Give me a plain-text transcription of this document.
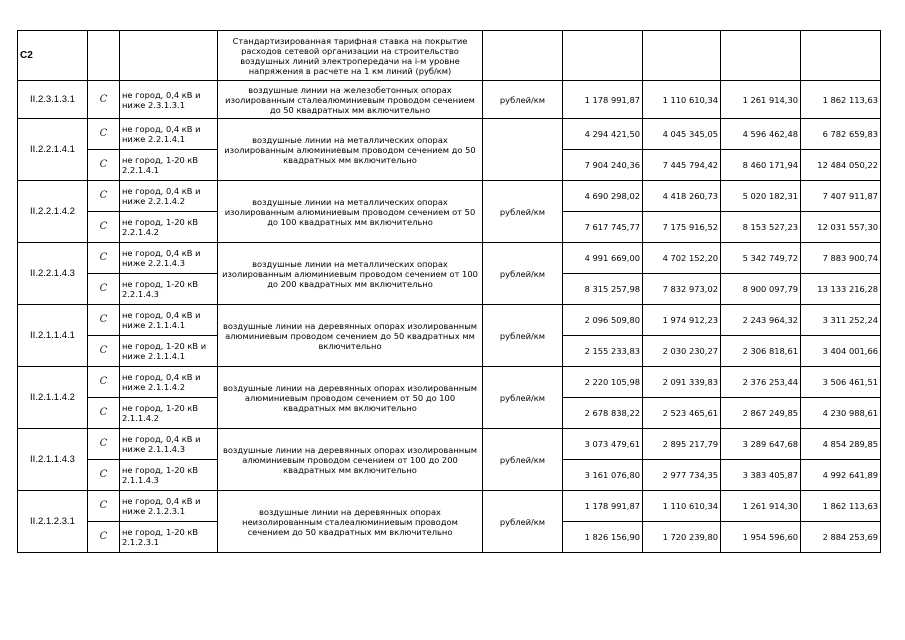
С2			Стандартизированная тарифная ставка на покрытие расходов сетевой организации на строительство воздушных линий электропередачи на i-м уровне напряжения в расчете на 1 км линий (руб/км)					
II.2.3.1.3.1	С	не город, 0,4 кВ и ниже 2.3.1.3.1	воздушные линии на железобетонных опорах изолированным сталеалюминиевым проводом сечением до 50 квадратных мм включительно	рублей/км	1 178 991,87	1 110 610,34	1 261 914,30	1 862 113,63
II.2.2.1.4.1	С	не город, 0,4 кВ и ниже 2.2.1.4.1	воздушные линии на металлических опорах изолированным алюминиевым проводом сечением до 50 квадратных мм включительно		4 294 421,50	4 045 345,05	4 596 462,48	6 782 659,83
	С	не город, 1-20 кВ 2.2.1.4.1			7 904 240,36	7 445 794,42	8 460 171,94	12 484 050,22
II.2.2.1.4.2	С	не город, 0,4 кВ и ниже 2.2.1.4.2	воздушные линии на металлических опорах изолированным алюминиевым проводом сечением от 50 до 100 квадратных мм включительно	рублей/км	4 690 298,02	4 418 260,73	5 020 182,31	7 407 911,87
	С	не город, 1-20 кВ 2.2.1.4.2			7 617 745,77	7 175 916,52	8 153 527,23	12 031 557,30
II.2.2.1.4.3	С	не город, 0,4 кВ и ниже 2.2.1.4.3	воздушные линии на металлических опорах изолированным алюминиевым проводом сечением от 100 до 200 квадратных мм включительно	рублей/км	4 991 669,00	4 702 152,20	5 342 749,72	7 883 900,74
	С	не город, 1-20 кВ 2.2.1.4.3			8 315 257,98	7 832 973,02	8 900 097,79	13 133 216,28
II.2.1.1.4.1	С	не город, 0,4 кВ и ниже 2.1.1.4.1	воздушные линии на деревянных опорах изолированным алюминиевым проводом сечением до 50 квадратных мм включительно	рублей/км	2 096 509,80	1 974 912,23	2 243 964,32	3 311 252,24
	С	не город, 1-20 кВ и ниже 2.1.1.4.1			2 155 233,83	2 030 230,27	2 306 818,61	3 404 001,66
II.2.1.1.4.2	С	не город, 0,4 кВ и ниже 2.1.1.4.2	воздушные линии на деревянных опорах изолированным алюминиевым проводом сечением от 50 до 100 квадратных мм включительно	рублей/км	2 220 105,98	2 091 339,83	2 376 253,44	3 506 461,51
	С	не город, 1-20 кВ 2.1.1.4.2			2 678 838,22	2 523 465,61	2 867 249,85	4 230 988,61
II.2.1.1.4.3	С	не город, 0,4 кВ и ниже 2.1.1.4.3	воздушные линии на деревянных опорах изолированным алюминиевым проводом сечением от 100 до 200 квадратных мм включительно	рублей/км	3 073 479,61	2 895 217,79	3 289 647,68	4 854 289,85
	С	не город, 1-20 кВ 2.1.1.4.3			3 161 076,80	2 977 734,35	3 383 405,87	4 992 641,89
II.2.1.2.3.1	С	не город, 0,4 кВ и ниже 2.1.2.3.1	воздушные линии на деревянных опорах неизолированным сталеалюминиевым проводом сечением до 50 квадратных мм включительно	рублей/км	1 178 991,87	1 110 610,34	1 261 914,30	1 862 113,63
	С	не город, 1-20 кВ 2.1.2.3.1			1 826 156,90	1 720 239,80	1 954 596,60	2 884 253,69
